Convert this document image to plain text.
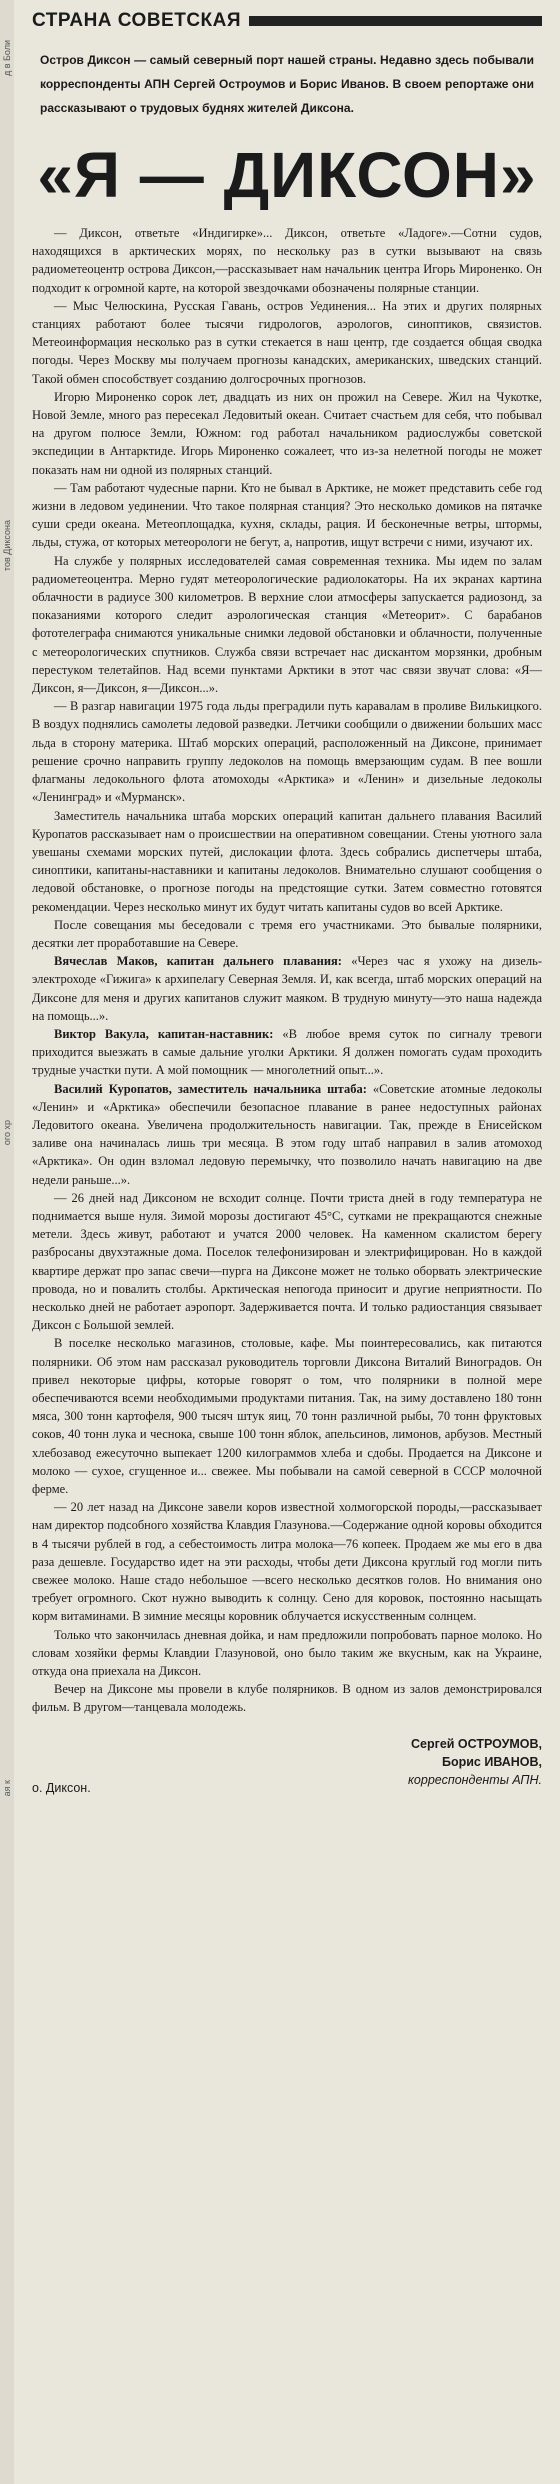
д в Боли
тов Диксона
ого хр
ая к
СТРАНА СОВЕТСКАЯ

Остров Диксон — самый северный порт нашей страны. Недавно здесь побывали корреспонденты АПН Сергей Остроумов и Борис Иванов. В своем репортаже они рассказывают о трудовых буднях жителей Диксона.

«Я — ДИКСОН»

— Диксон, ответьте «Индигирке»... Диксон, ответьте «Ладоге».—Сотни судов, находящихся в арктических морях, по нескольку раз в сутки вызывают на связь радиометеоцентр острова Диксон,—рассказывает нам начальник центра Игорь Мироненко. Он подходит к огромной карте, на которой звездочками обозначены полярные станции.

— Мыс Челюскина, Русская Гавань, остров Уединения... На этих и других полярных станциях работают более тысячи гидрологов, аэрологов, синоптиков, связистов. Метеоинформация несколько раз в сутки стекается в наш центр, где создается общая сводка погоды. Через Москву мы получаем прогнозы канадских, американских, шведских станций. Такой обмен способствует созданию долгосрочных прогнозов.

Игорю Мироненко сорок лет, двадцать из них он прожил на Севере. Жил на Чукотке, Новой Земле, много раз пересекал Ледовитый океан. Считает счастьем для себя, что побывал на другом полюсе Земли, Южном: год работал начальником радиослужбы советской экспедиции в Антарктиде. Игорь Мироненко сожалеет, что из-за нелетной погоды не может показать нам ни одной из полярных станций.

— Там работают чудесные парни. Кто не бывал в Арктике, не может представить себе год жизни в ледовом уединении. Что такое полярная станция? Это несколько домиков на пятачке суши среди океана. Метеоплощадка, кухня, склады, рация. И бесконечные ветры, штормы, льды, стужа, от которых метеорологи не бегут, а, напротив, ищут встречи с ними, изучают их.

На службе у полярных исследователей самая современная техника. Мы идем по залам радиометеоцентра. Мерно гудят метеорологические радиолокаторы. На их экранах картина облачности в радиусе 300 километров. В верхние слои атмосферы запускается радиозонд, за показаниями которого следит аэрологическая станция «Метеорит». С барабанов фототелеграфа снимаются уникальные снимки ледовой обстановки и облачности, полученные с метеорологических спутников. Служба связи встречает нас дискантом морзянки, дробным перестуком телетайпов. Над всеми пунктами Арктики в этот час связи звучат слова: «Я—Диксон, я—Диксон, я—Диксон...».

— В разгар навигации 1975 года льды преградили путь каравалам в проливе Вилькицкого. В воздух поднялись самолеты ледовой разведки. Летчики сообщили о движении больших масс льда в сторону материка. Штаб морских операций, расположенный на Диксоне, принимает решение срочно направить группу ледоколов на помощь вмерзающим судам. В пее вошли флагманы ледокольного флота атомоходы «Арктика» и «Ленин» и дизельные ледоколы «Ленинград» и «Мурманск».

Заместитель начальника штаба морских операций капитан дальнего плавания Василий Куропатов рассказывает нам о происшествии на оперативном совещании. Стены уютного зала увешаны схемами морских путей, дислокации флота. Здесь собрались диспетчеры штаба, синоптики, капитаны-наставники и капитаны ледоколов. Внимательно слушают сообщения о ледовой обстановке, о прогнозе погоды на предстоящие сутки. Затем совместно готовятся рекомендации. Через несколько минут их будут читать капитаны судов во всей Арктике.

После совещания мы беседовали с тремя его участниками. Это бывалые полярники, десятки лет проработавшие на Севере.

Вячеслав Маков, капитан дальнего плавания: «Через час я ухожу на дизель-электроходе «Гижига» к архипелагу Северная Земля. И, как всегда, штаб морских операций на Диксоне для меня и других капитанов служит маяком. В трудную минуту—это наша надежда на помощь...».

Виктор Вакула, капитан-наставник: «В любое время суток по сигналу тревоги приходится выезжать в самые дальние уголки Арктики. Я должен помогать судам проходить трудные участки пути. А мой помощник — многолетний опыт...».

Василий Куропатов, заместитель начальника штаба: «Советские атомные ледоколы «Ленин» и «Арктика» обеспечили безопасное плавание в ранее недоступных районах Ледовитого океана. Увеличена продолжительность навигации. Так, прежде в Енисейском заливе она начиналась лишь три месяца. В этом году штаб направил в залив атомоход «Арктика». Он один взломал ледовую перемычку, что позволило начать навигацию на две недели раньше...».

— 26 дней над Диксоном не всходит солнце. Почти триста дней в году температура не поднимается выше нуля. Зимой морозы достигают 45°С, сутками не прекращаются снежные метели. Здесь живут, работают и учатся 2000 человек. На каменном скалистом берегу разбросаны двухэтажные дома. Поселок телефонизирован и электрифицирован. Но в каждой квартире держат про запас свечи—пурга на Диксоне может не только оборвать электрические провода, но и повалить столбы. Арктическая непогода приносит и другие неприятности. По несколько дней не работает аэропорт. Задерживается почта. И только радиостанция связывает Диксон с Большой землей.

В поселке несколько магазинов, столовые, кафе. Мы поинтересовались, как питаются полярники. Об этом нам рассказал руководитель торговли Диксона Виталий Виноградов. Он привел некоторые цифры, которые говорят о том, что полярники в полной мере обеспечиваются всеми необходимыми продуктами питания. Так, на зиму доставлено 180 тонн мяса, 300 тонн картофеля, 900 тысяч штук яиц, 70 тонн различной рыбы, 70 тонн фруктовых соков, 40 тонн лука и чеснока, свыше 100 тонн яблок, апельсинов, лимонов, арбузов. Местный хлебозавод ежесуточно выпекает 1200 килограммов хлеба и сдобы. Продается на Диксоне и молоко — сухое, сгущенное и... свежее. Мы побывали на самой северной в СССР молочной ферме.

— 20 лет назад на Диксоне завели коров известной холмогорской породы,—рассказывает нам директор подсобного хозяйства Клавдия Глазунова.—Содержание одной коровы обходится в 4 тысячи рублей в год, а себестоимость литра молока—76 копеек. Продаем же мы его в два раза дешевле. Государство идет на эти расходы, чтобы дети Диксона круглый год могли пить свежее молоко. Наше стадо небольшое —всего несколько десятков голов. Но внимания оно требует огромного. Скот нужно выводить к солнцу. Сено для коровок, постоянно насыщать корм витаминами. В зимние месяцы коровник облучается искусственным солнцем.

Только что закончилась дневная дойка, и нам предложили попробовать парное молоко. Но словам хозяйки фермы Клавдии Глазуновой, оно было таким же вкусным, как на Украине, откуда она приехала на Диксон.

Вечер на Диксоне мы провели в клубе полярников. В одном из залов демонстрировался фильм. В другом—танцевала молодежь.

Сергей ОСТРОУМОВ,
Борис ИВАНОВ,
корреспонденты АПН.
о. Диксон.
